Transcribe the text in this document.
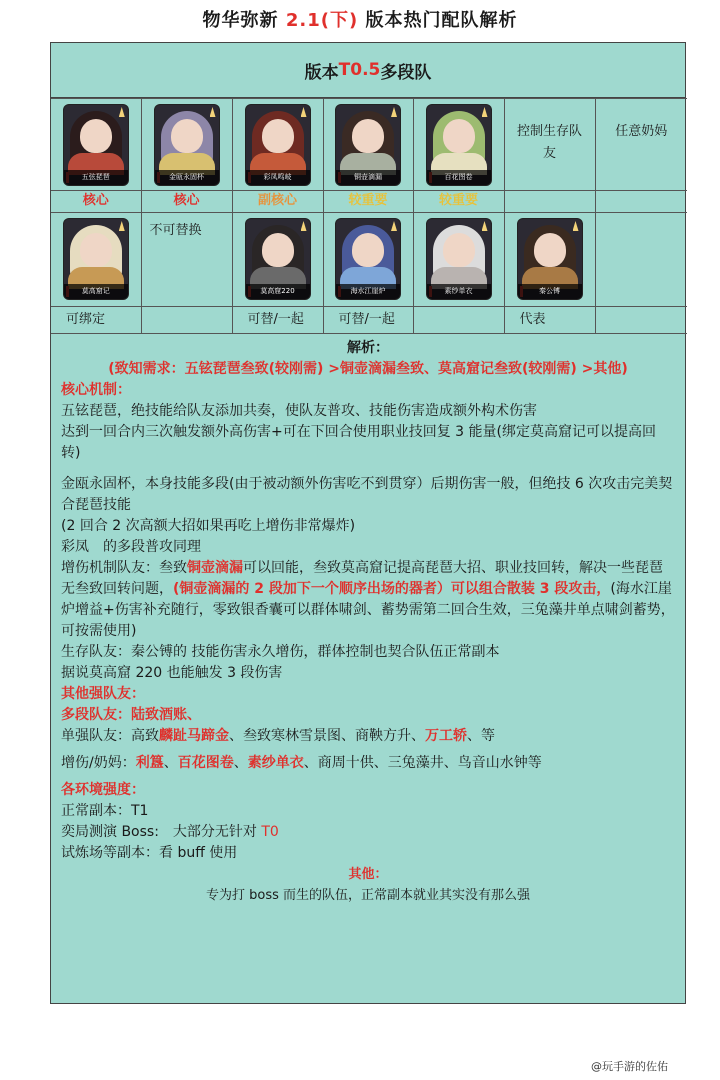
物华弥新 2.1(下) 版本热门配队解析
版本 T0.5 多段队
五弦琵琶	金瓯永固杯	彩凤鸣岐	铜壶滴漏	百花图卷	控制生存队友	任意奶妈
核心	核心	副核心	较重要	较重要		

莫高窟记	不可替换	莫高窟220	海水江崖炉	素纱单衣	秦公镈	

可绑定		可替/一起	可替/一起		代表	
解析：
(致知需求：五铉琵琶叁致(较刚需) >铜壶滴漏叁致、莫高窟记叁致(较刚需) >其他)
核心机制：
五铉琵琶，绝技能给队友添加共奏，使队友普攻、技能伤害造成额外构术伤害
达到一回合内三次触发额外高伤害+可在下回合使用职业技回复 3 能量(绑定莫高窟记可以提高回转)
金瓯永固杯，本身技能多段(由于被动额外伤害吃不到贯穿）后期伤害一般，但绝技 6 次攻击完美契合琵琶技能
(2 回合 2 次高额大招如果再吃上增伤非常爆炸)
彩凤　的多段普攻同理
增伤机制队友：叁致铜壶滴漏可以回能，叁致莫高窟记提高琵琶大招、职业技回转，解决一些琵琶无叁致回转问题，(铜壶滴漏的 2 段加下一个顺序出场的器者）可以组合散装 3 段攻击，(海水江崖炉增益+伤害补充随行，零致银香囊可以群体啸剑、蓄势需第二回合生效，三兔藻井单点啸剑蓄势，可按需使用)
生存队友：秦公镈的 技能伤害永久增伤，群体控制也契合队伍正常副本
据说莫高窟 220 也能触发 3 段伤害
其他强队友：
多段队友：陆致酒账、
单强队友：高致麟趾马蹄金、叁致寒林雪景图、商鞅方升、万工轿、等
增伤/奶妈：利簋、百花图卷、素纱单衣、商周十供、三兔藻井、鸟音山水钟等
各环境强度：
正常副本：T1
奕局测演 Boss:　大部分无针对 T0
试炼场等副本：看 buff 使用
其他：
专为打 boss 而生的队伍，正常副本就业其实没有那么强
@玩手游的佐佑
